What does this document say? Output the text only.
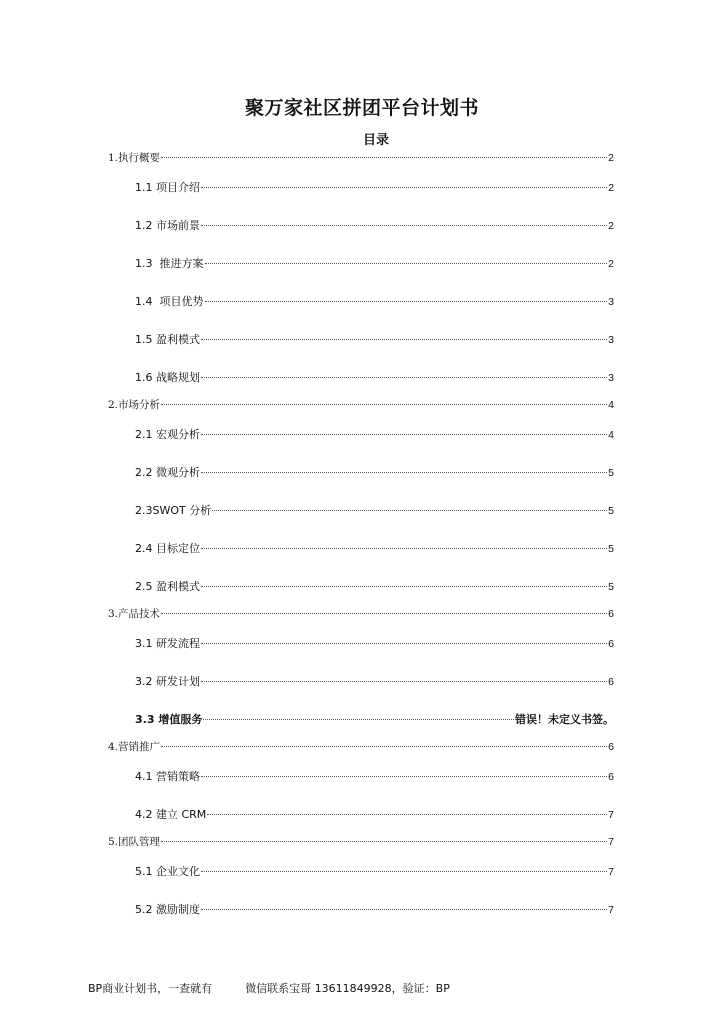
聚万家社区拼团平台计划书
目录
1.执行概要	2
1.1 项目介绍	2
1.2 市场前景	2
1.3  推进方案	2
1.4  项目优势	3
1.5 盈利模式	3
1.6 战略规划	3
2.市场分析	4
2.1 宏观分析	4
2.2 微观分析	5
2.3SWOT 分析	5
2.4 目标定位	5
2.5 盈利模式	5
3.产品技术	6
3.1 研发流程	6
3.2 研发计划	6
3.3 增值服务	错误！未定义书签。
4.营销推广	6
4.1 营销策略	6
4.2 建立 CRM	7
5.团队管理	7
5.1 企业文化	7
5.2 激励制度	7
BP商业计划书，一查就有	微信联系宝哥 13611849928，验证：BP
